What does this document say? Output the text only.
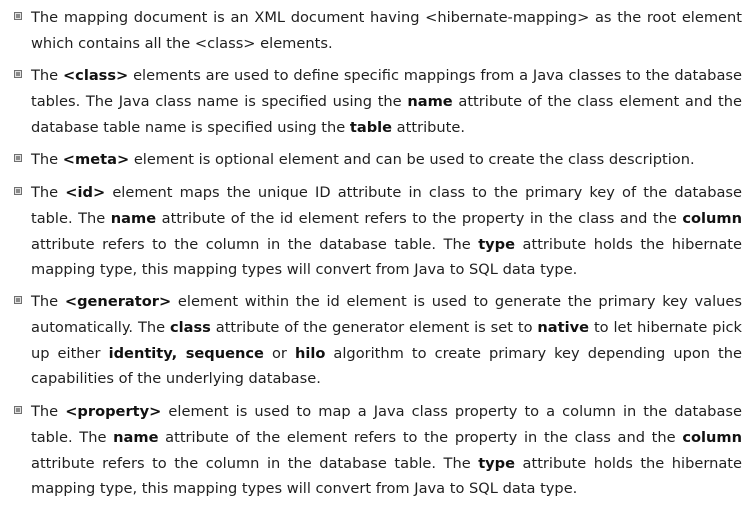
The mapping document is an XML document having <hibernate-mapping> as the root element which contains all the <class> elements.
The <class> elements are used to define specific mappings from a Java classes to the database tables. The Java class name is specified using the name attribute of the class element and the database table name is specified using the table attribute.
The <meta> element is optional element and can be used to create the class description.
The <id> element maps the unique ID attribute in class to the primary key of the database table. The name attribute of the id element refers to the property in the class and the column attribute refers to the column in the database table. The type attribute holds the hibernate mapping type, this mapping types will convert from Java to SQL data type.
The <generator> element within the id element is used to generate the primary key values automatically. The class attribute of the generator element is set to native to let hibernate pick up either identity, sequence or hilo algorithm to create primary key depending upon the capabilities of the underlying database.
The <property> element is used to map a Java class property to a column in the database table. The name attribute of the element refers to the property in the class and the column attribute refers to the column in the database table. The type attribute holds the hibernate mapping type, this mapping types will convert from Java to SQL data type.
